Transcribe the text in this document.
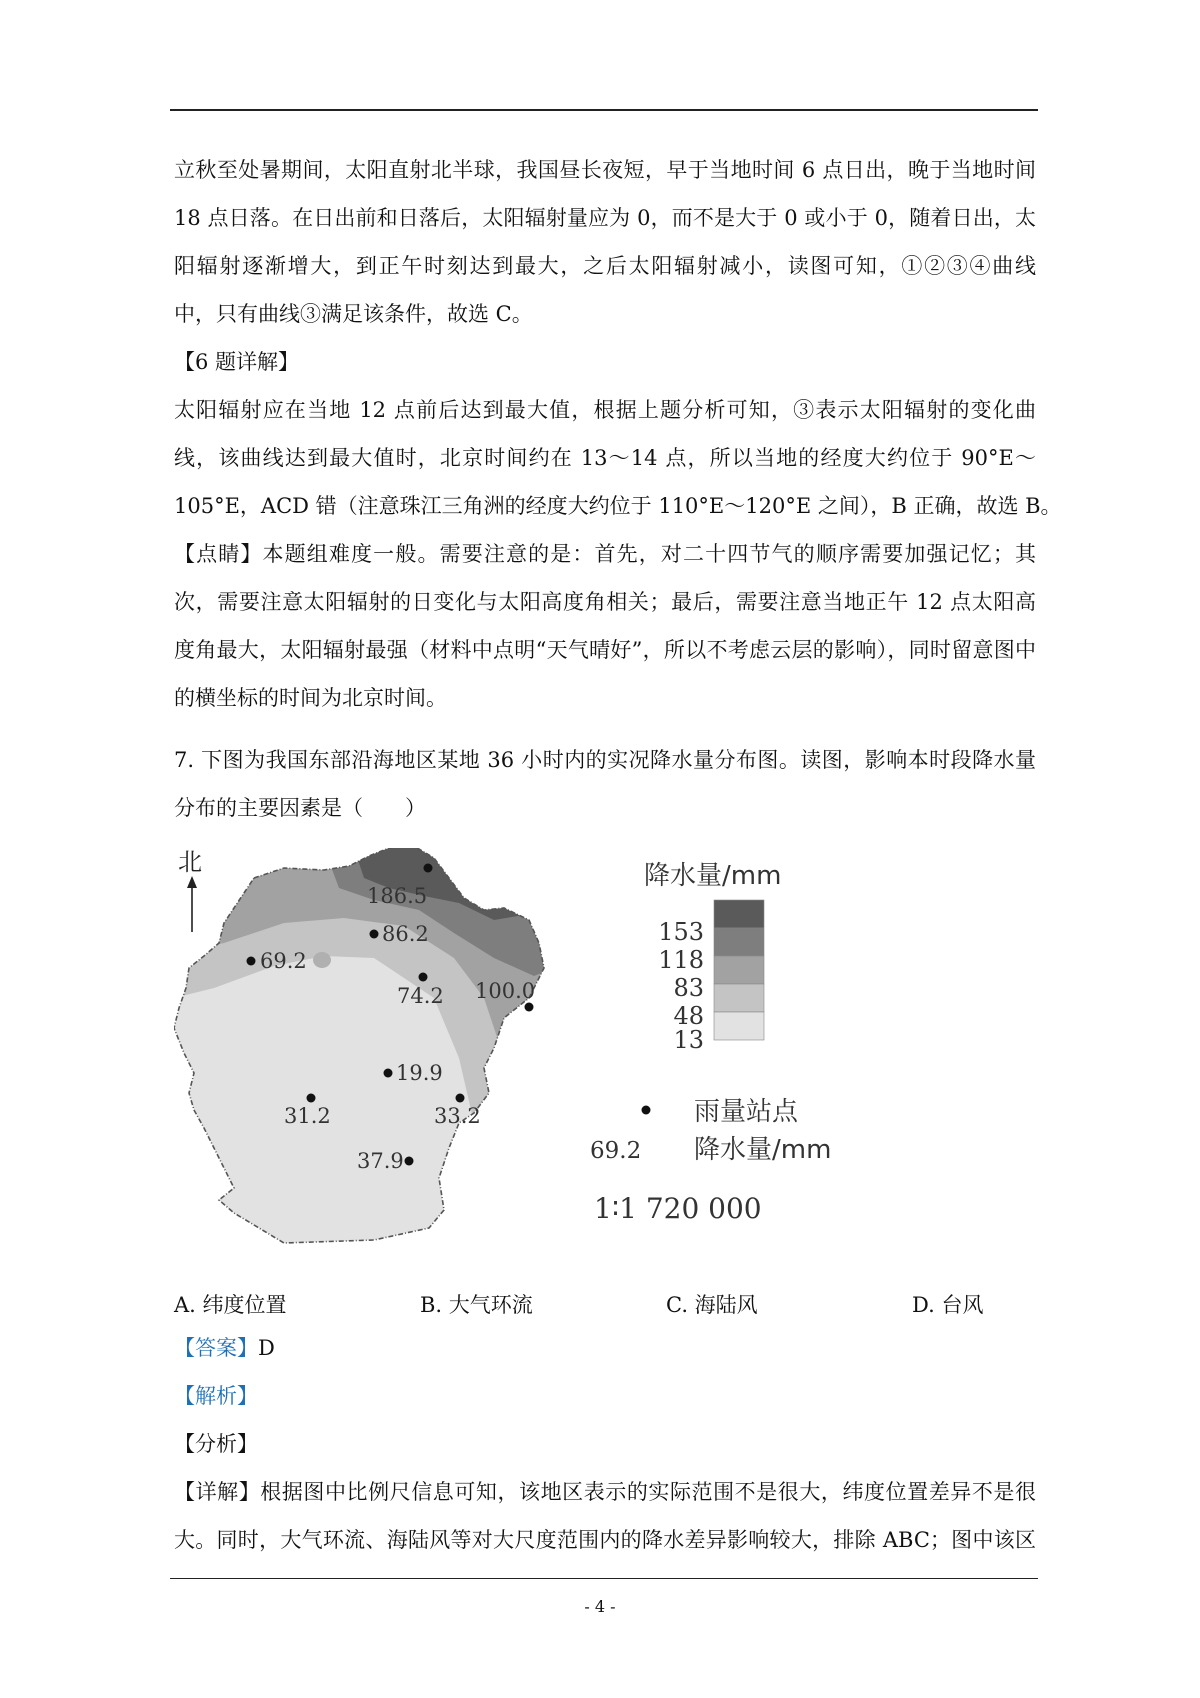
立秋至处暑期间，太阳直射北半球，我国昼长夜短，早于当地时间 6 点日出，晚于当地时间
18 点日落。在日出前和日落后，太阳辐射量应为 0，而不是大于 0 或小于 0，随着日出，太
阳辐射逐渐增大，到正午时刻达到最大，之后太阳辐射减小，读图可知，①②③④曲线
中，只有曲线③满足该条件，故选 C。
【6 题详解】
太阳辐射应在当地 12 点前后达到最大值，根据上题分析可知，③表示太阳辐射的变化曲
线，该曲线达到最大值时，北京时间约在 13～14 点，所以当地的经度大约位于 90°E～
105°E，ACD 错（注意珠江三角洲的经度大约位于 110°E～120°E 之间），B 正确，故选 B。
【点睛】本题组难度一般。需要注意的是：首先，对二十四节气的顺序需要加强记忆；其
次，需要注意太阳辐射的日变化与太阳高度角相关；最后，需要注意当地正午 12 点太阳高
度角最大，太阳辐射最强（材料中点明“天气晴好”，所以不考虑云层的影响），同时留意图中
的横坐标的时间为北京时间。
7. 下图为我国东部沿海地区某地 36 小时内的实况降水量分布图。读图，影响本时段降水量
分布的主要因素是（　　）
北
186.5
86.2
69.2
74.2 100.0
19.9
31.2	33.2
37.9
降水量/mm
153
118
83
48
13
雨量站点
69.2 降水量/mm
1∶1 720 000
A. 纬度位置	B. 大气环流	C. 海陆风	D. 台风
【答案】D
【解析】
【分析】
【详解】根据图中比例尺信息可知，该地区表示的实际范围不是很大，纬度位置差异不是很
大。同时，大气环流、海陆风等对大尺度范围内的降水差异影响较大，排除 ABC；图中该区
- 4 -
